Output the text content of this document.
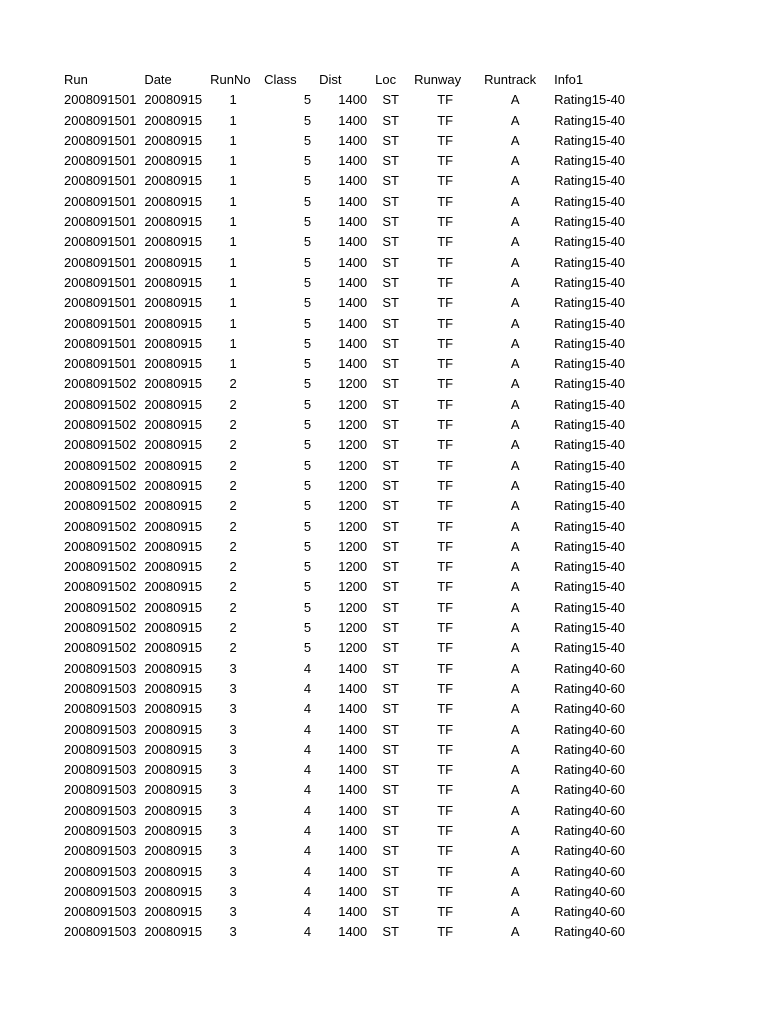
Run	Date	RunNo	Class	Dist	Loc	Runway	Runtrack	Info1
2008091501	20080915	1	5	1400	ST	TF	A	Rating15-40
2008091501	20080915	1	5	1400	ST	TF	A	Rating15-40
2008091501	20080915	1	5	1400	ST	TF	A	Rating15-40
2008091501	20080915	1	5	1400	ST	TF	A	Rating15-40
2008091501	20080915	1	5	1400	ST	TF	A	Rating15-40
2008091501	20080915	1	5	1400	ST	TF	A	Rating15-40
2008091501	20080915	1	5	1400	ST	TF	A	Rating15-40
2008091501	20080915	1	5	1400	ST	TF	A	Rating15-40
2008091501	20080915	1	5	1400	ST	TF	A	Rating15-40
2008091501	20080915	1	5	1400	ST	TF	A	Rating15-40
2008091501	20080915	1	5	1400	ST	TF	A	Rating15-40
2008091501	20080915	1	5	1400	ST	TF	A	Rating15-40
2008091501	20080915	1	5	1400	ST	TF	A	Rating15-40
2008091501	20080915	1	5	1400	ST	TF	A	Rating15-40
2008091502	20080915	2	5	1200	ST	TF	A	Rating15-40
2008091502	20080915	2	5	1200	ST	TF	A	Rating15-40
2008091502	20080915	2	5	1200	ST	TF	A	Rating15-40
2008091502	20080915	2	5	1200	ST	TF	A	Rating15-40
2008091502	20080915	2	5	1200	ST	TF	A	Rating15-40
2008091502	20080915	2	5	1200	ST	TF	A	Rating15-40
2008091502	20080915	2	5	1200	ST	TF	A	Rating15-40
2008091502	20080915	2	5	1200	ST	TF	A	Rating15-40
2008091502	20080915	2	5	1200	ST	TF	A	Rating15-40
2008091502	20080915	2	5	1200	ST	TF	A	Rating15-40
2008091502	20080915	2	5	1200	ST	TF	A	Rating15-40
2008091502	20080915	2	5	1200	ST	TF	A	Rating15-40
2008091502	20080915	2	5	1200	ST	TF	A	Rating15-40
2008091502	20080915	2	5	1200	ST	TF	A	Rating15-40
2008091503	20080915	3	4	1400	ST	TF	A	Rating40-60
2008091503	20080915	3	4	1400	ST	TF	A	Rating40-60
2008091503	20080915	3	4	1400	ST	TF	A	Rating40-60
2008091503	20080915	3	4	1400	ST	TF	A	Rating40-60
2008091503	20080915	3	4	1400	ST	TF	A	Rating40-60
2008091503	20080915	3	4	1400	ST	TF	A	Rating40-60
2008091503	20080915	3	4	1400	ST	TF	A	Rating40-60
2008091503	20080915	3	4	1400	ST	TF	A	Rating40-60
2008091503	20080915	3	4	1400	ST	TF	A	Rating40-60
2008091503	20080915	3	4	1400	ST	TF	A	Rating40-60
2008091503	20080915	3	4	1400	ST	TF	A	Rating40-60
2008091503	20080915	3	4	1400	ST	TF	A	Rating40-60
2008091503	20080915	3	4	1400	ST	TF	A	Rating40-60
2008091503	20080915	3	4	1400	ST	TF	A	Rating40-60
